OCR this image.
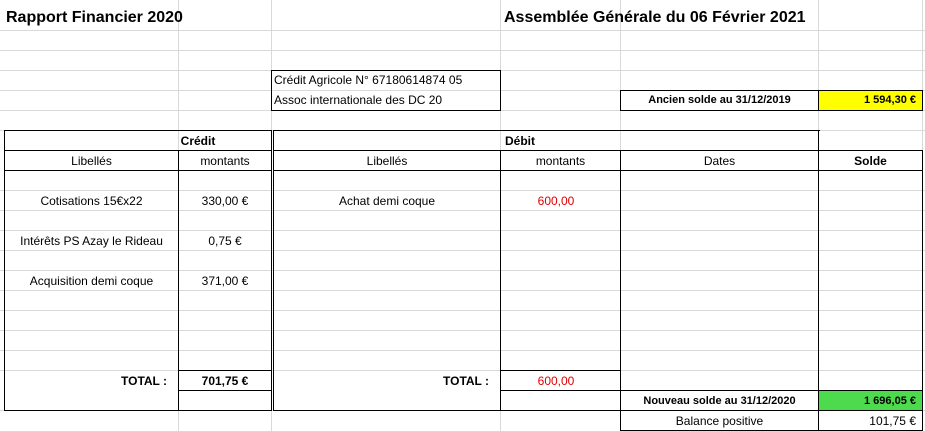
Rapport Financier 2020	Assemblée Générale du 06 Février 2021
Crédit Agricole N° 67180614874 05
Assoc internationale des DC 20	Ancien solde au 31/12/2019	1 594,30 €
Crédit
Libellés	montants
Cotisations 15€x22	330,00 €
Intérêts PS Azay le Rideau	0,75 €
Acquisition demi coque	371,00 €
TOTAL :	701,75 €
Débit
Libellés	montants	Dates	Solde
Achat demi coque	600,00
TOTAL :	600,00
Nouveau solde au 31/12/2020	1 696,05 €
Balance positive	101,75 €
